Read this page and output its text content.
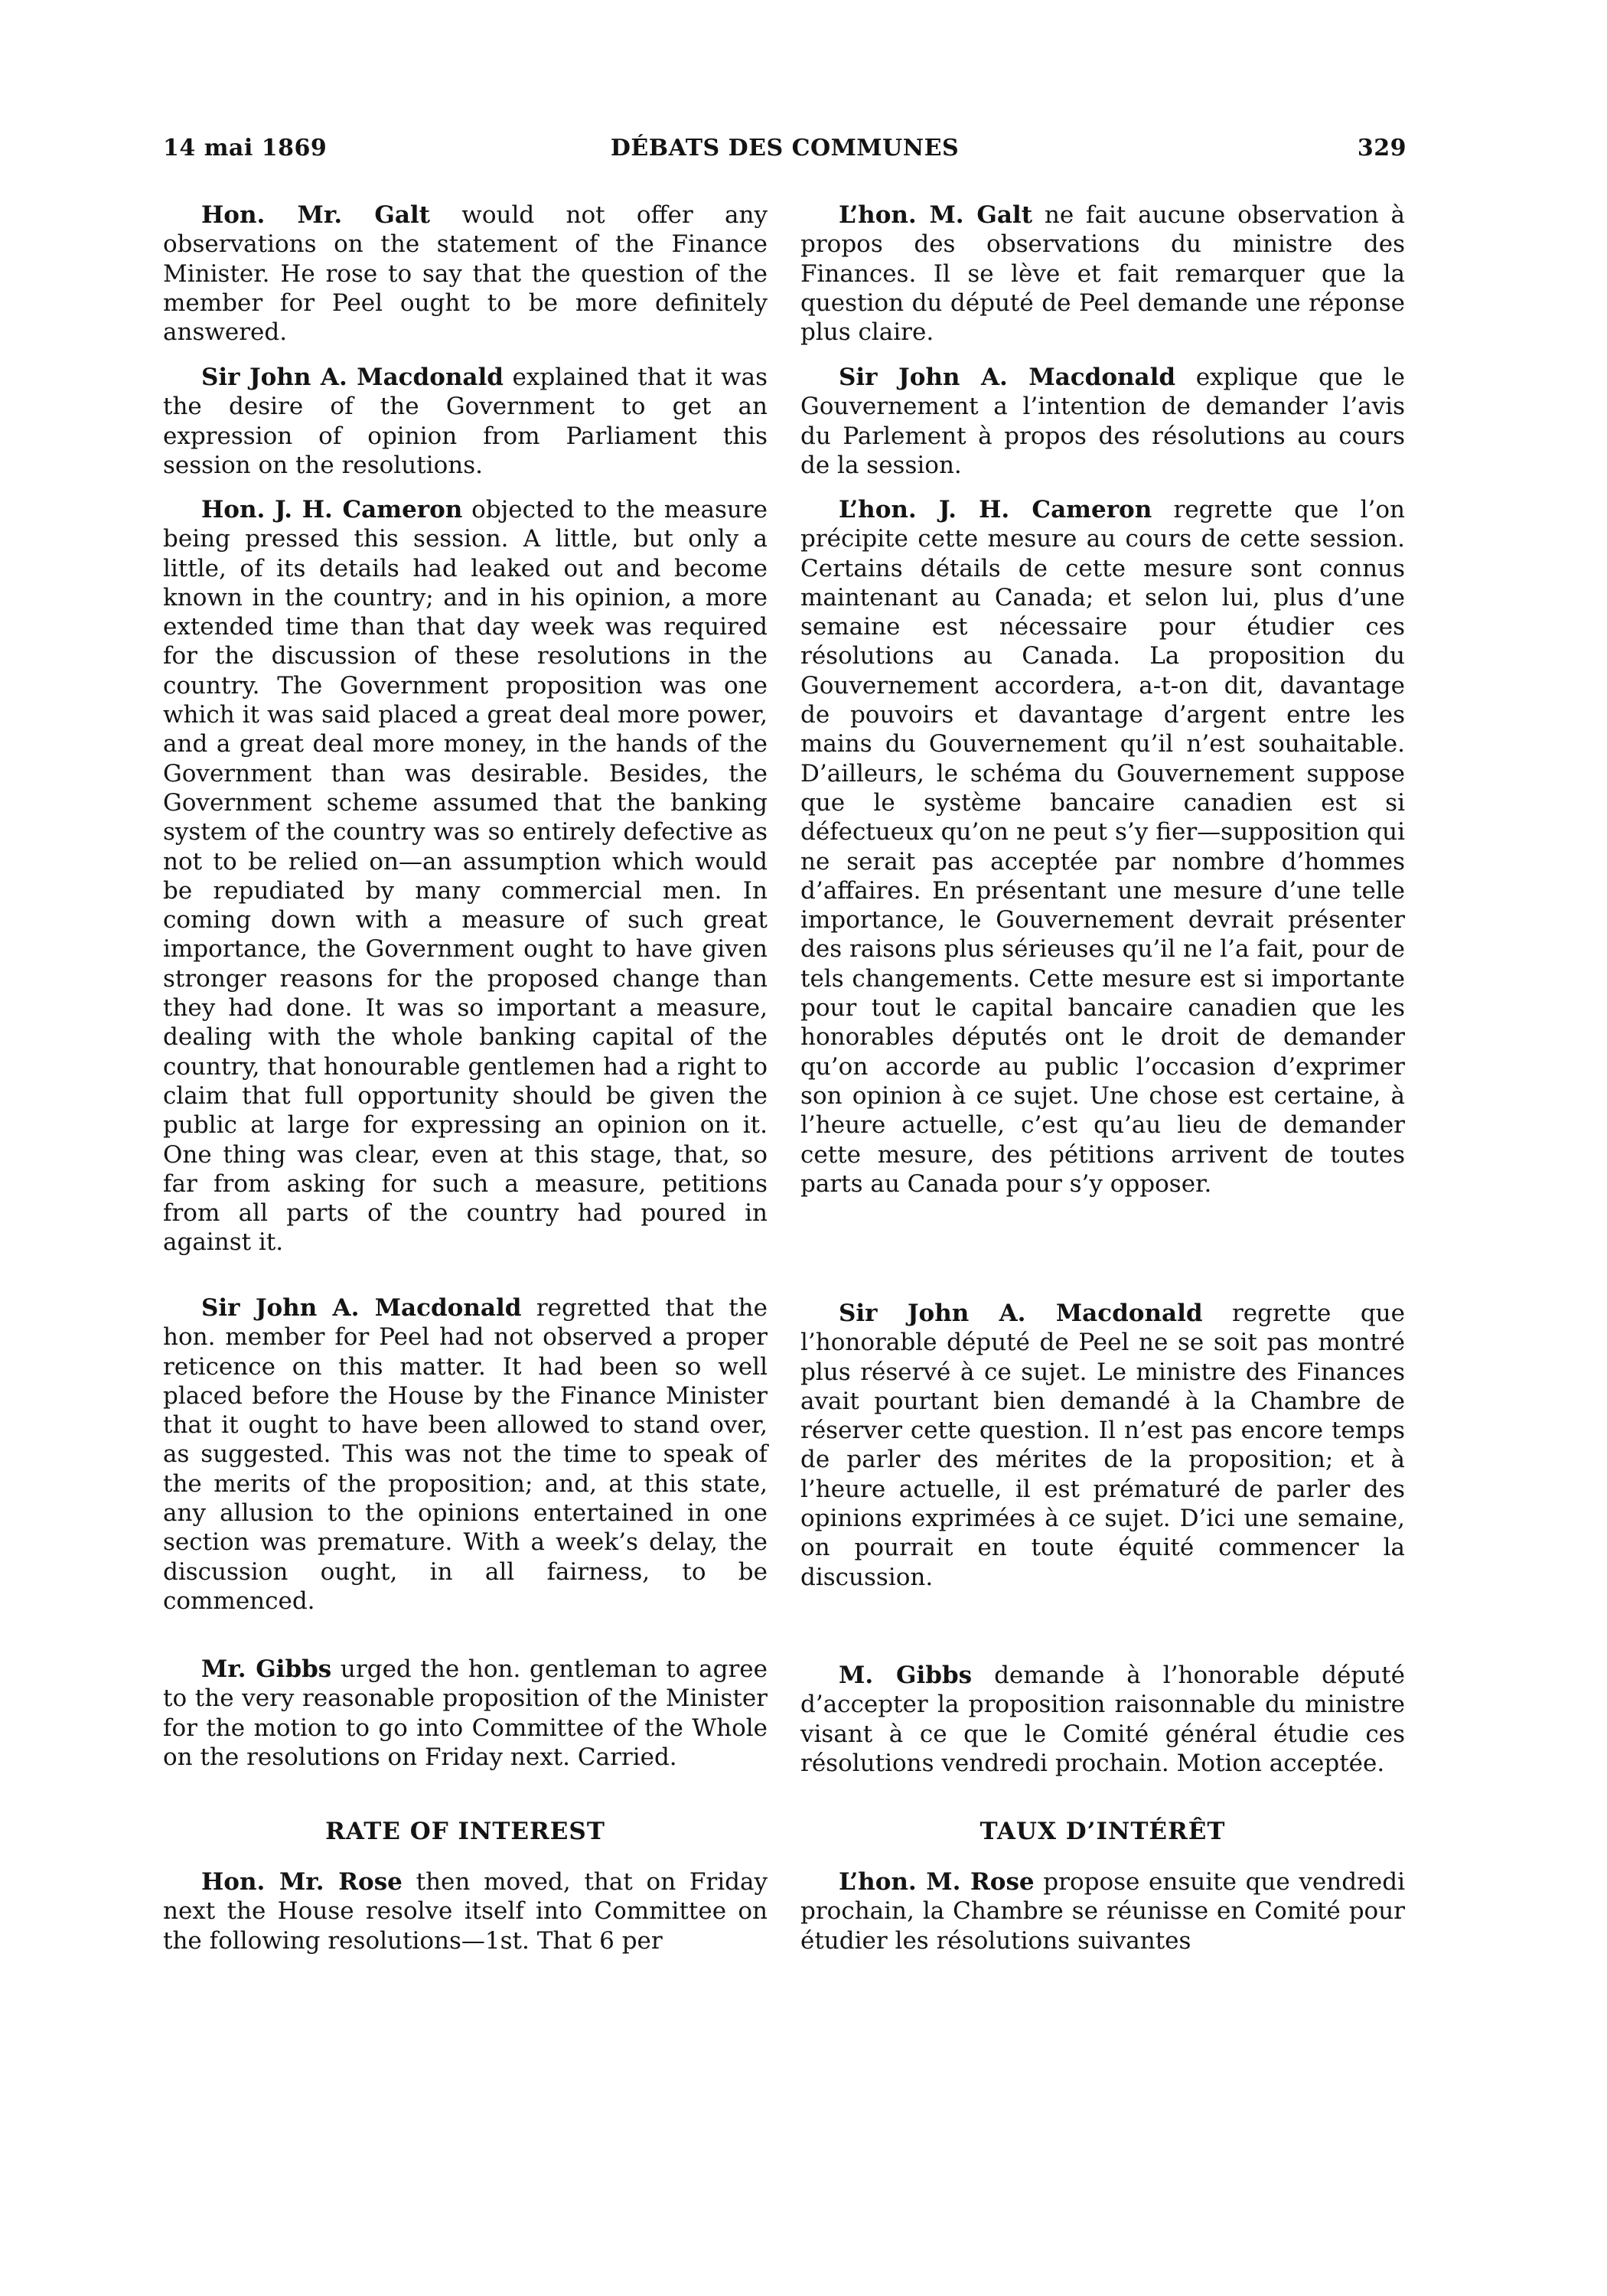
14 mai 1869	DÉBATS DES COMMUNES	329

Hon. Mr. Galt would not offer any observations on the statement of the Finance Minister. He rose to say that the question of the member for Peel ought to be more definitely answered.

Sir John A. Macdonald explained that it was the desire of the Government to get an expression of opinion from Parliament this session on the resolutions.

Hon. J. H. Cameron objected to the measure being pressed this session. A little, but only a little, of its details had leaked out and become known in the country; and in his opinion, a more extended time than that day week was required for the discussion of these resolutions in the country. The Government proposition was one which it was said placed a great deal more power, and a great deal more money, in the hands of the Government than was desirable. Besides, the Government scheme assumed that the banking system of the country was so entirely defective as not to be relied on—an assumption which would be repudiated by many commercial men. In coming down with a measure of such great importance, the Government ought to have given stronger reasons for the proposed change than they had done. It was so important a measure, dealing with the whole banking capital of the country, that honourable gentlemen had a right to claim that full opportunity should be given the public at large for expressing an opinion on it. One thing was clear, even at this stage, that, so far from asking for such a measure, petitions from all parts of the country had poured in against it.

Sir John A. Macdonald regretted that the hon. member for Peel had not observed a proper reticence on this matter. It had been so well placed before the House by the Finance Minister that it ought to have been allowed to stand over, as suggested. This was not the time to speak of the merits of the proposition; and, at this state, any allusion to the opinions entertained in one section was premature. With a week’s delay, the discussion ought, in all fairness, to be commenced.

Mr. Gibbs urged the hon. gentleman to agree to the very reasonable proposition of the Minister for the motion to go into Committee of the Whole on the resolutions on Friday next. Carried.

RATE OF INTEREST

Hon. Mr. Rose then moved, that on Friday next the House resolve itself into Committee on the following resolutions—1st. That 6 per

L’hon. M. Galt ne fait aucune observation à propos des observations du ministre des Finances. Il se lève et fait remarquer que la question du député de Peel demande une réponse plus claire.

Sir John A. Macdonald explique que le Gouvernement a l’intention de demander l’avis du Parlement à propos des résolutions au cours de la session.

L’hon. J. H. Cameron regrette que l’on précipite cette mesure au cours de cette session. Certains détails de cette mesure sont connus maintenant au Canada; et selon lui, plus d’une semaine est nécessaire pour étudier ces résolutions au Canada. La proposition du Gouvernement accordera, a-t-on dit, davantage de pouvoirs et davantage d’argent entre les mains du Gouvernement qu’il n’est souhaitable. D’ailleurs, le schéma du Gouvernement suppose que le système bancaire canadien est si défectueux qu’on ne peut s’y fier—supposition qui ne serait pas acceptée par nombre d’hommes d’affaires. En présentant une mesure d’une telle importance, le Gouvernement devrait présenter des raisons plus sérieuses qu’il ne l’a fait, pour de tels changements. Cette mesure est si importante pour tout le capital bancaire canadien que les honorables députés ont le droit de demander qu’on accorde au public l’occasion d’exprimer son opinion à ce sujet. Une chose est certaine, à l’heure actuelle, c’est qu’au lieu de demander cette mesure, des pétitions arrivent de toutes parts au Canada pour s’y opposer.

Sir John A. Macdonald regrette que l’honorable député de Peel ne se soit pas montré plus réservé à ce sujet. Le ministre des Finances avait pourtant bien demandé à la Chambre de réserver cette question. Il n’est pas encore temps de parler des mérites de la proposition; et à l’heure actuelle, il est prématuré de parler des opinions exprimées à ce sujet. D’ici une semaine, on pourrait en toute équité commencer la discussion.

M. Gibbs demande à l’honorable député d’accepter la proposition raisonnable du ministre visant à ce que le Comité général étudie ces résolutions vendredi prochain. Motion acceptée.

TAUX D’INTÉRÊT

L’hon. M. Rose propose ensuite que vendredi prochain, la Chambre se réunisse en Comité pour étudier les résolutions suivantes
